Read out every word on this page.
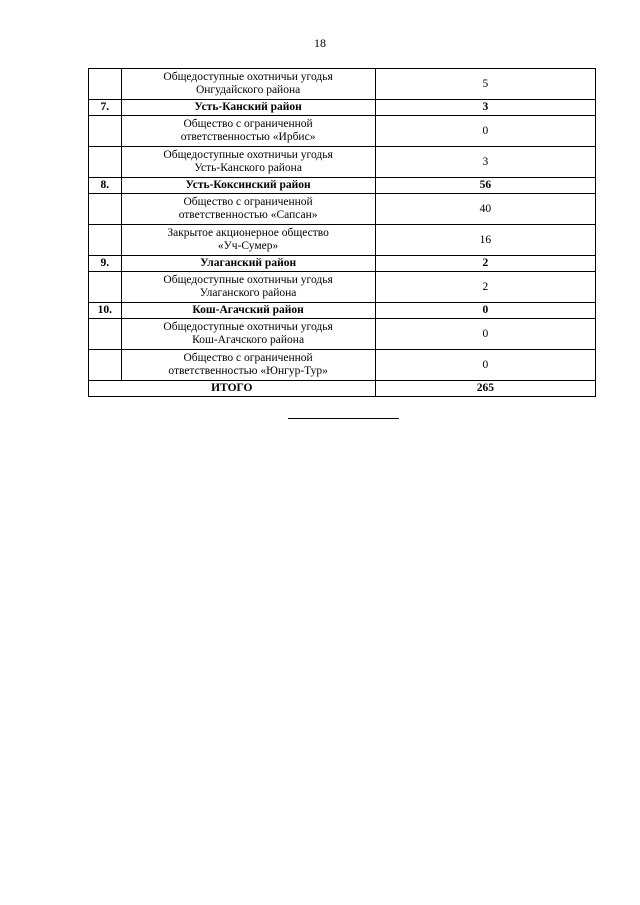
18

	Общедоступные охотничьи угодья
Онгудайского района	5
7.	Усть-Канский район	3

	Общество с ограниченной
ответственностью «Ирбис»	0

	Общедоступные охотничьи угодья
Усть-Канского района	3
8.	Усть-Коксинский район	56

	Общество с ограниченной
ответственностью «Сапсан»	40

	Закрытое акционерное общество
«Уч-Сумер»	16
9.	Улаганский район	2

	Общедоступные охотничьи угодья
Улаганского района	2
10.	Кош-Агачский район	0

	Общедоступные охотничьи угодья
Кош-Агачского района	0

	Общество с ограниченной
ответственностью «Юнгур-Тур»	0
ИТОГО		265
